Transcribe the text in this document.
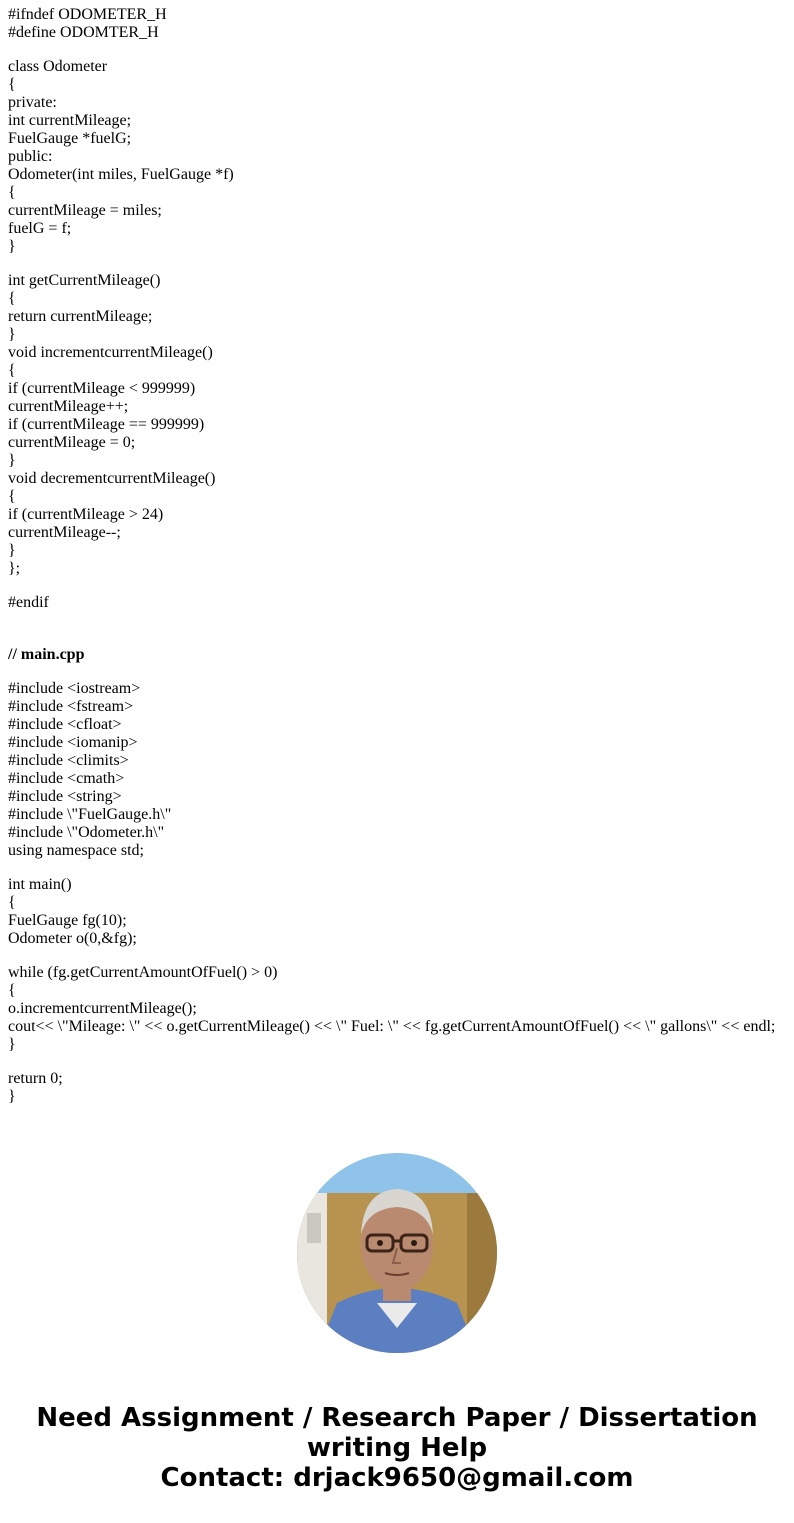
#ifndef ODOMETER_H
#define ODOMTER_H
class Odometer
{
private:
int currentMileage;
FuelGauge *fuelG;
public:
Odometer(int miles, FuelGauge *f)
{
currentMileage = miles;
fuelG = f;
}
int getCurrentMileage()
{
return currentMileage;
}
void incrementcurrentMileage()
{
if (currentMileage < 999999)
currentMileage++;
if (currentMileage == 999999)
currentMileage = 0;
}
void decrementcurrentMileage()
{
if (currentMileage > 24)
currentMileage--;
}
};
#endif
// main.cpp
#include <iostream>
#include <fstream>
#include <cfloat>
#include <iomanip>
#include <climits>
#include <cmath>
#include <string>
#include \"FuelGauge.h\"
#include \"Odometer.h\"
using namespace std;
int main()
{
FuelGauge fg(10);
Odometer o(0,&fg);
while (fg.getCurrentAmountOfFuel() > 0)
{
o.incrementcurrentMileage();
cout<< \"Mileage: \" << o.getCurrentMileage() << \" Fuel: \" << fg.getCurrentAmountOfFuel() << \" gallons\" << endl;
}
return 0;
}
Need Assignment / Research Paper / Dissertation
writing Help
Contact: drjack9650@gmail.com
